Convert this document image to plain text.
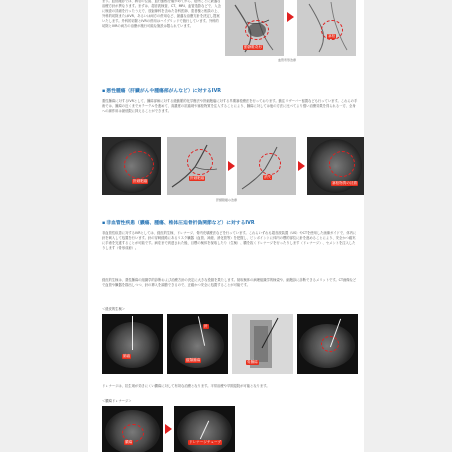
ます。血管撮影では、病変の位置、血行動態を確かめてから、症例ごとに最適な治療方針が異なります。まずは、超音波検査、CT、MRI、血管造影などで、入念に検査の詳細を行ったうえで、放射線科を含めた各科医師、患者様と相談の上、外科的切除またはIVR、あるいは両方の併用など、最適な治療方針を決定し提案いたします。外科的切除とIVRの併用はハイブリッドで施行しています。外科的切除とIVRの両方の治療が施行可能な施設は限られています。
動静脈奇形
塞栓
血管奇形治療
▪悪性腫瘍（肝臓がんや腫瘍部がんなど）に対するIVR
悪性腫瘍に対するIVRとして、腫瘍部病に対する経動脈的化学療法や肝細胞癌に対する早期塞栓療法を行っております。動注リザーバー留置なども行っています。これらの手術では、腫瘍の近くまでカテーテルを進めて、高濃度の抗癌剤や塞栓物質を注入することにより、腫瘍に対しては他の方法に比べてより強い治療効果を得られる一方、全身への副作用は最低限に抑えることができます。
肝細胞癌
肝細胞癌	消失
塞栓物質の沈着
肝細胞癌の治療
▪非血管性疾患（膿瘍、腫瘍、椎体圧迫骨折偽関節など）に対するIVR
非血管性疾患に対するIVRとしては、経皮的生検、ドレナージ、骨内充填療法などを行っています。これらいずれも超音波装置（US）やCTを使用した画像ガイドで、体内に針を刺入して処置を行います。針の穿刺経路にあるリスク臓器（血管、神経、消化管等）を把握し、ピンポイントに体内の標的部位に針を進めることにより、安全かつ確実に手術を完遂することが可能です。病変まで到達された後、目標の検体を採取したり（生検）、膿を抜くドレナージを行ったりします（ドレナージ）、セメントを注入したりします（骨形成術）。
経皮的生検は、悪性腫瘍の組織学的診断および治療方針の決定に大きな役割を果たします。採取検体の病理組織学的検索や、細胞診に診断できるメリットです。CT画像などで血管や臓器を描出しつつ、針の挿入を調節できるので、正確かつ安全に処置することが可能です。
＜経皮的生検＞
肺癌
針
縦隔腫瘍	骨腫瘍
ドレナージは、抗生剤が効きにくい膿瘍に対して有効な治療となります。平常治療や早期退院が可能となります。
＜膿瘍ドレナージ＞
膿瘍	ドレナージチューブ
